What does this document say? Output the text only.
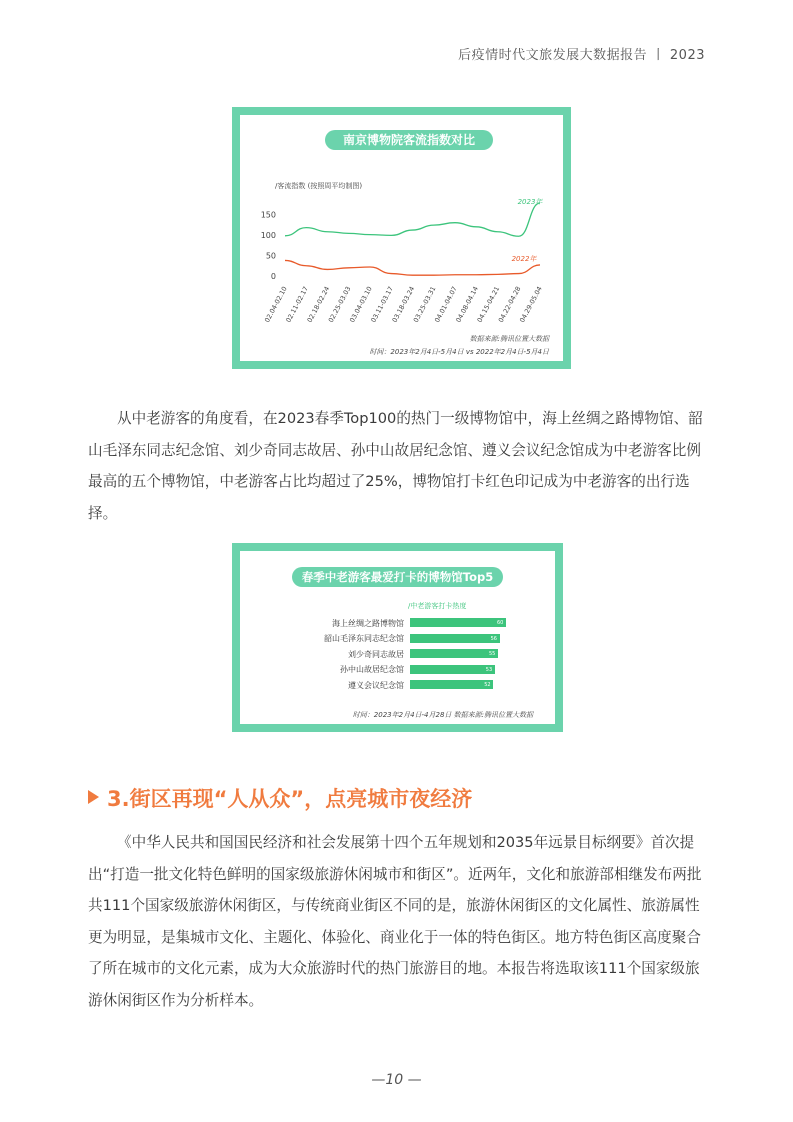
后疫情时代文旅发展大数据报告 丨 2023
南京博物院客流指数对比
/客流指数 (按照周平均制图)
0
50
100
150
02.04-02.10
02.11-02.17
02.18-02.24
02.25-03.03
03.04-03.10
03.11-03.17
03.18-03.24
03.25-03.31
04.01-04.07
04.08-04.14
04.15-04.21
04.22-04.28
04.29-05.04
2023年
2022年
数据来源:腾讯位置大数据
时间：2023年2月4日-5月4日 vs 2022年2月4日-5月4日

从中老游客的角度看，在2023春季Top100的热门一级博物馆中，海上丝绸之路博物馆、韶山毛泽东同志纪念馆、刘少奇同志故居、孙中山故居纪念馆、遵义会议纪念馆成为中老游客比例最高的五个博物馆，中老游客占比均超过了25%，博物馆打卡红色印记成为中老游客的出行选择。

春季中老游客最爱打卡的博物馆Top5
/中老游客打卡热度
海上丝绸之路博物馆	60
韶山毛泽东同志纪念馆	56
刘少奇同志故居	55
孙中山故居纪念馆	53
遵义会议纪念馆	52
时间：2023年2月4日-4月28日 数据来源:腾讯位置大数据
3.街区再现“人从众”，点亮城市夜经济

《中华人民共和国国民经济和社会发展第十四个五年规划和2035年远景目标纲要》首次提出“打造一批文化特色鲜明的国家级旅游休闲城市和街区”。近两年，文化和旅游部相继发布两批共111个国家级旅游休闲街区，与传统商业街区不同的是，旅游休闲街区的文化属性、旅游属性更为明显，是集城市文化、主题化、体验化、商业化于一体的特色街区。地方特色街区高度聚合了所在城市的文化元素，成为大众旅游时代的热门旅游目的地。本报告将选取该111个国家级旅游休闲街区作为分析样本。

—10 —
